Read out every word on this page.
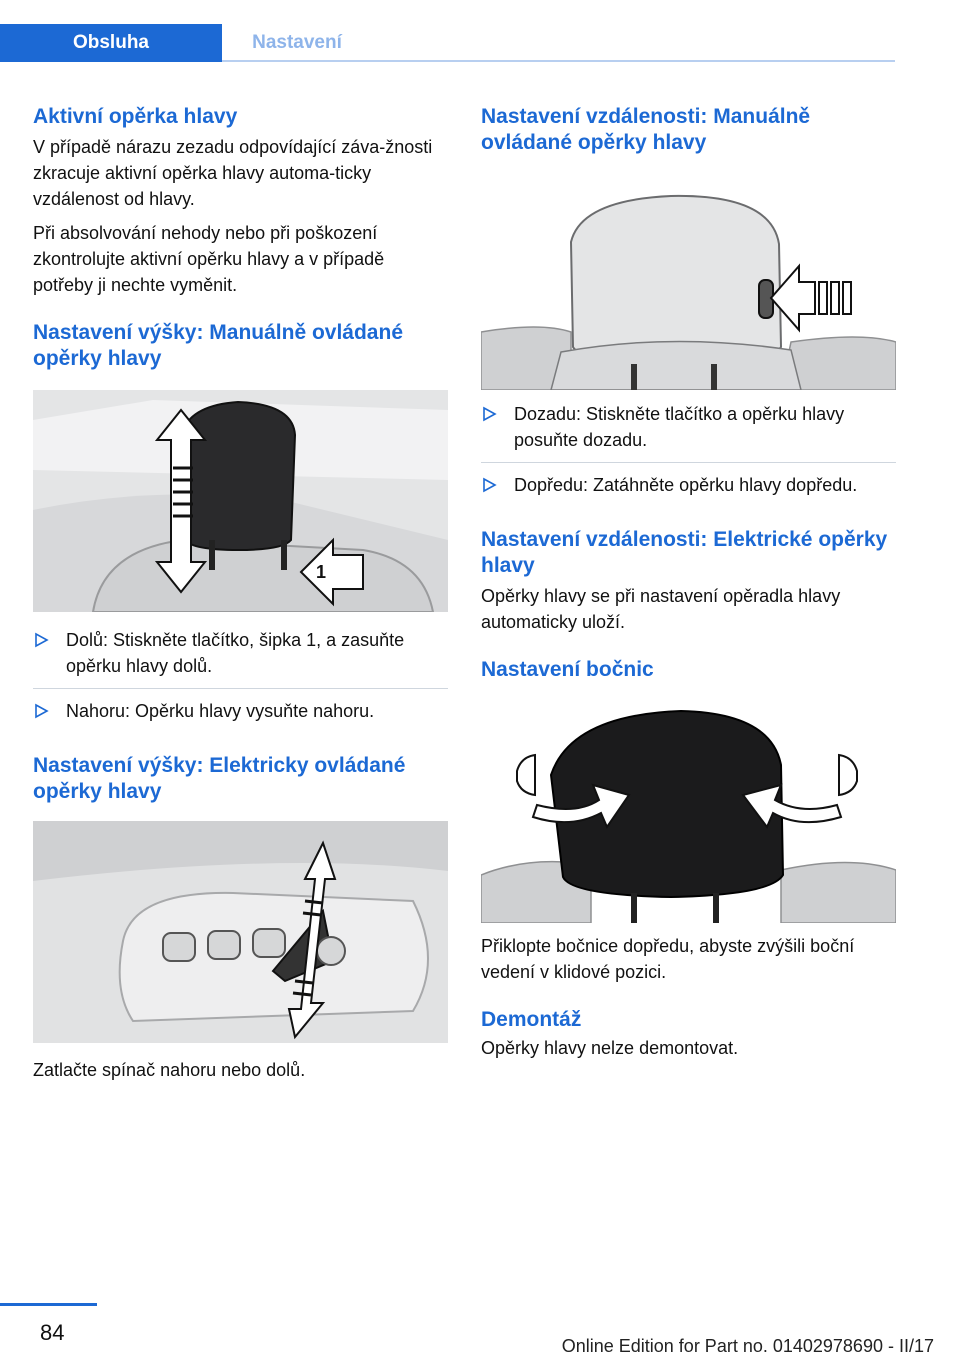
Obsluha	Nastavení
Aktivní opěrka hlavy

V případě nárazu zezadu odpovídající záva-žnosti zkracuje aktivní opěrka hlavy automa-ticky vzdálenost od hlavy.

Při absolvování nehody nebo při poškození zkontrolujte aktivní opěrku hlavy a v případě potřeby ji nechte vyměnit.

Nastavení výšky: Manuálně ovládané opěrky hlavy
1
Dolů: Stiskněte tlačítko, šipka 1, a zasuňte opěrku hlavy dolů.
Nahoru: Opěrku hlavy vysuňte nahoru.
Nastavení výšky: Elektricky ovládané opěrky hlavy

Zatlačte spínač nahoru nebo dolů.

Nastavení vzdálenosti: Manuálně ovládané opěrky hlavy
Dozadu: Stiskněte tlačítko a opěrku hlavy posuňte dozadu.
Dopředu: Zatáhněte opěrku hlavy dopředu.
Nastavení vzdálenosti: Elektrické opěrky hlavy

Opěrky hlavy se při nastavení opěradla hlavy automaticky uloží.

Nastavení bočnic

Přiklopte bočnice dopředu, abyste zvýšili boční vedení v klidové pozici.

Demontáž

Opěrky hlavy nelze demontovat.

84
Online Edition for Part no. 01402978690 - II/17
